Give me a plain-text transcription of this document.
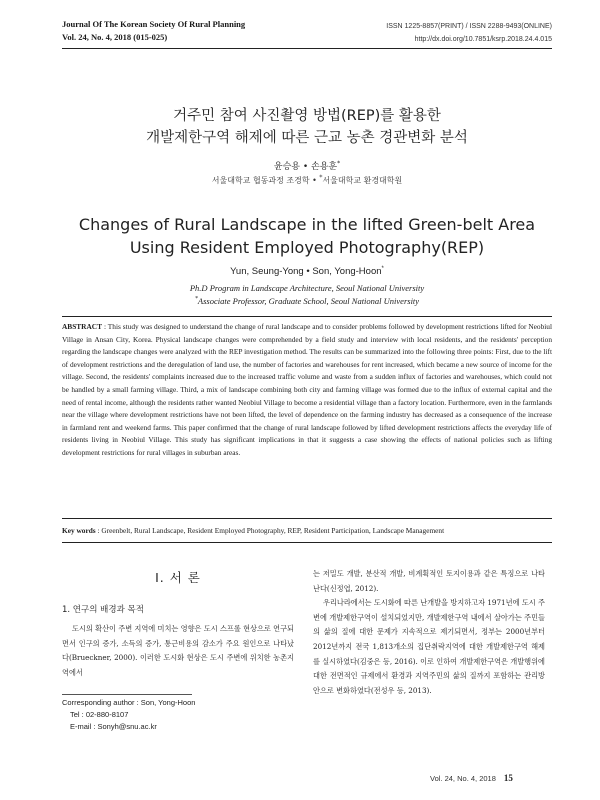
Journal Of The Korean Society Of Rural Planning
Vol. 24, No. 4, 2018 (015-025)
ISSN 1225-8857(PRINT) / ISSN 2288-9493(ONLINE)
http://dx.doi.org/10.7851/ksrp.2018.24.4.015
거주민 참여 사진촬영 방법(REP)를 활용한
개발제한구역 해제에 따른 근교 농촌 경관변화 분석
윤승용 • 손용훈*
서울대학교 협동과정 조경학 • *서울대학교 환경대학원
Changes of Rural Landscape in the lifted Green-belt Area
Using Resident Employed Photography(REP)
Yun, Seung-Yong • Son, Yong-Hoon*
Ph.D Program in Landscape Architecture, Seoul National University
*Associate Professor, Graduate School, Seoul National University
ABSTRACT : This study was designed to understand the change of rural landscape and to consider problems followed by development restrictions lifted for Neobiul Village in Ansan City, Korea. Physical landscape changes were comprehended by a field study and interview with local residents, and the residents' perception regarding the landscape changes were analyzed with the REP investigation method. The results can be summarized into the following three points: First, due to the lift of development restrictions and the deregulation of land use, the number of factories and warehouses for rent increased, which became a new source of income for the village. Second, the residents' complaints increased due to the increased traffic volume and waste from a sudden influx of factories and warehouses, which could not be handled by a small farming village. Third, a mix of landscape combining both city and farming village was formed due to the influx of external capital and the need of rental income, although the residents rather wanted Neobiul Village to become a residential village than a factory location. Furthermore, even in the farmlands near the village where development restrictions have not been lifted, the level of dependence on the farming industry has decreased as a consequence of the increase in farmland rent and weekend farms. This paper confirmed that the change of rural landscape followed by lifted development restrictions affects the everyday life of residents living in Neobiul Village. This study has significant implications in that it suggests a case showing the effects of national policies such as lifting development restrictions for rural villages in suburban areas.
Key words : Greenbelt, Rural Landscape, Resident Employed Photography, REP, Resident Participation, Landscape Management
I. 서 론
1. 연구의 배경과 목적

도시의 확산이 주변 지역에 미치는 영향은 도시 스프롤 현상으로 연구되면서 인구의 증가, 소득의 증가, 통근비용의 감소가 주요 원인으로 나타났다(Brueckner, 2000). 이러한 도시화 현상은 도시 주변에 위치한 농촌지역에서

는 저밀도 개발, 분산적 개발, 비계획적인 토지이용과 같은 특징으로 나타난다(신정엽, 2012).

우리나라에서는 도시화에 따른 난개발을 방지하고자 1971년에 도시 주변에 개발제한구역이 설치되었지만, 개발제한구역 내에서 살아가는 주민들의 삶의 질에 대한 문제가 지속적으로 제기되면서, 정부는 2000년부터 2012년까지 전국 1,813개소의 집단취락지역에 대한 개발제한구역 해제를 실시하였다(김중은 등, 2016). 이로 인하여 개발제한구역은 개발행위에 대한 전면적인 규제에서 환경과 지역주민의 삶의 질까지 포함하는 관리방안으로 변화하였다(전성우 등, 2013).

Corresponding author : Son, Yong-Hoon
Tel : 02-880-8107
E-mail : Sonyh@snu.ac.kr
Vol. 24, No. 4, 2018 15
